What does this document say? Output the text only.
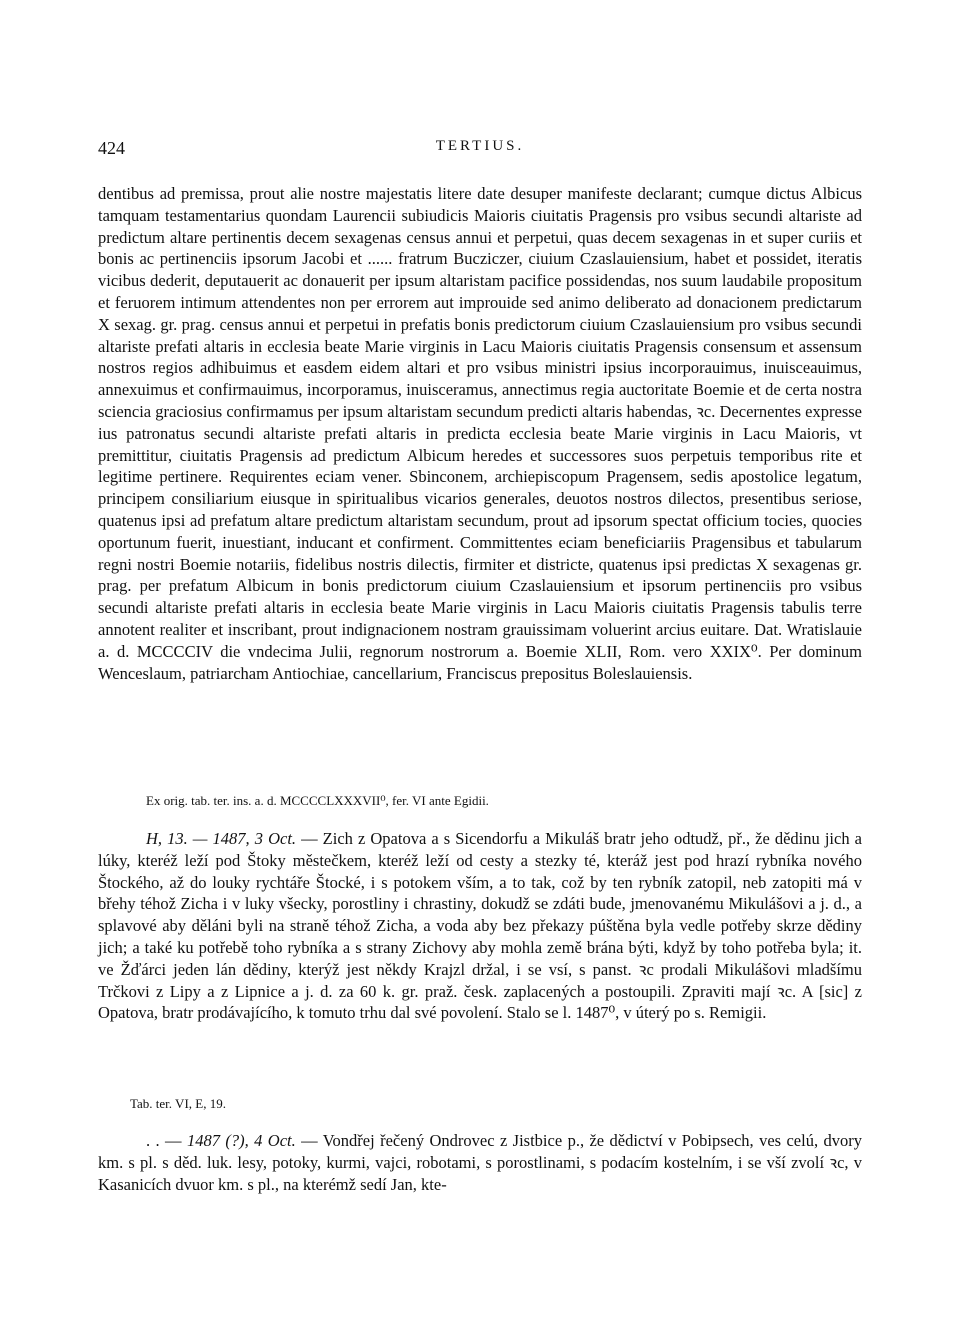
424	TERTIUS.

dentibus ad premissa, prout alie nostre majestatis litere date desuper manifeste declarant; cumque dictus Albicus tamquam testamentarius quondam Laurencii subiudicis Maioris ciuitatis Pragensis pro vsibus secundi altariste ad predictum altare pertinentis decem sexagenas census annui et perpetui, quas decem sexagenas in et super curiis et bonis ac pertinenciis ipsorum Jacobi et ...... fratrum Bucziczer, ciuium Czaslauiensium, habet et possidet, iteratis vicibus dederit, deputauerit ac donauerit per ipsum altaristam pacifice possidendas, nos suum laudabile propositum et feruorem intimum attendentes non per errorem aut improuide sed animo deliberato ad donacionem predictarum X sexag. gr. prag. census annui et perpetui in prefatis bonis predictorum ciuium Czaslauiensium pro vsibus secundi altariste prefati altaris in ecclesia beate Marie virginis in Lacu Maioris ciuitatis Pragensis consensum et assensum nostros regios adhibuimus et easdem eidem altari et pro vsibus ministri ipsius incorporauimus, inuisceauimus, annexuimus et confirmauimus, incorporamus, inuisceramus, annectimus regia auctoritate Boemie et de certa nostra sciencia graciosius confirmamus per ipsum altaristam secundum predicti altaris habendas, ꝛc. Decernentes expresse ius patronatus secundi altariste prefati altaris in predicta ecclesia beate Marie virginis in Lacu Maioris, vt premittitur, ciuitatis Pragensis ad predictum Albicum heredes et successores suos perpetuis temporibus rite et legitime pertinere. Requirentes eciam vener. Sbinconem, archiepiscopum Pragensem, sedis apostolice legatum, principem consiliarium eiusque in spiritualibus vicarios generales, deuotos nostros dilectos, presentibus seriose, quatenus ipsi ad prefatum altare predictum altaristam secundum, prout ad ipsorum spectat officium tocies, quocies oportunum fuerit, inuestiant, inducant et confirment. Committentes eciam beneficiariis Pragensibus et tabularum regni nostri Boemie notariis, fidelibus nostris dilectis, firmiter et districte, quatenus ipsi predictas X sexagenas gr. prag. per prefatum Albicum in bonis predictorum ciuium Czaslauiensium et ipsorum pertinenciis pro vsibus secundi altariste prefati altaris in ecclesia beate Marie virginis in Lacu Maioris ciuitatis Pragensis tabulis terre annotent realiter et inscribant, prout indignacionem nostram grauissimam voluerint arcius euitare. Dat. Wratislauie a. d. MCCCCIV die vndecima Julii, regnorum nostrorum a. Boemie XLII, Rom. vero XXIX⁰. Per dominum Wenceslaum, patriarcham Antiochiae, cancellarium, Franciscus prepositus Boleslauiensis.

Ex orig. tab. ter. ins. a. d. MCCCCLXXXVII⁰, fer. VI ante Egidii.

H, 13. — 1487, 3 Oct. — Zich z Opatova a s Sicendorfu a Mikuláš bratr jeho odtudž, př., že dědinu jich a lúky, kteréž leží pod Štoky městečkem, kteréž leží od cesty a stezky té, kteráž jest pod hrazí rybníka nového Štockého, až do louky rychtáře Štocké, i s potokem vším, a to tak, což by ten rybník zatopil, neb zatopiti má v břehy téhož Zicha i v luky všecky, porostliny i chrastiny, dokudž se zdáti bude, jmenovanému Mikulášovi a j. d., a splavové aby děláni byli na straně téhož Zicha, a voda aby bez překazy púštěna byla vedle potřeby skrze dědiny jich; a také ku potřebě toho rybníka a s strany Zichovy aby mohla země brána býti, když by toho potřeba byla; it. ve Žďárci jeden lán dědiny, kterýž jest někdy Krajzl držal, i se vsí, s panst. ꝛc prodali Mikulášovi mladšímu Trčkovi z Lipy a z Lipnice a j. d. za 60 k. gr. praž. česk. zaplacených a postoupili. Zpraviti mají ꝛc. A [sic] z Opatova, bratr prodávajícího, k tomuto trhu dal své povolení. Stalo se l. 1487⁰, v úterý po s. Remigii.

Tab. ter. VI, E, 19.

. . — 1487 (?), 4 Oct. — Vondřej řečený Ondrovec z Jistbice p., že dědictví v Pobipsech, ves celú, dvory km. s pl. s děd. luk. lesy, potoky, kurmi, vajci, robotami, s porostlinami, s podacím kostelním, i se vší zvolí ꝛc, v Kasanicích dvuor km. s pl., na kterémž sedí Jan, kte-
